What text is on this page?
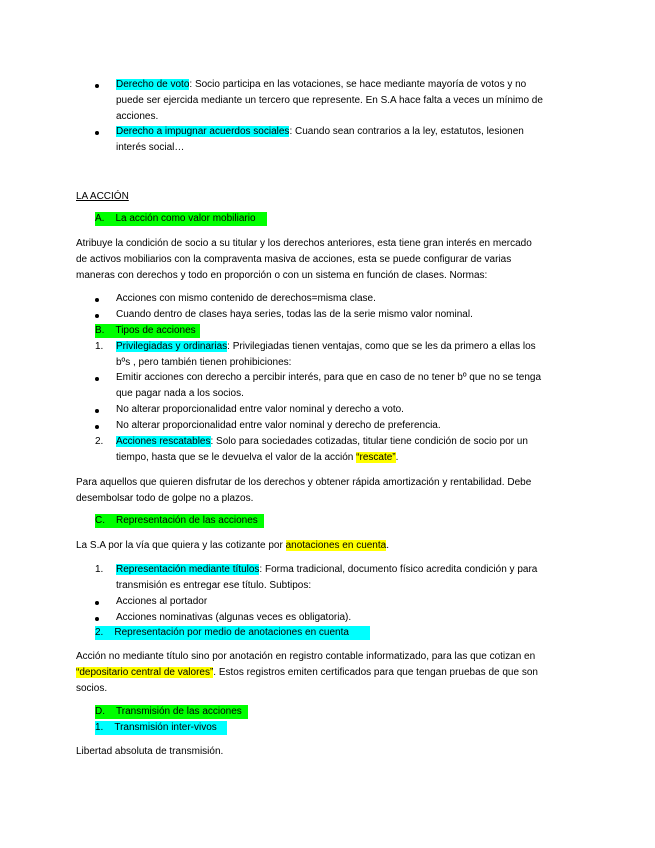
Derecho de voto: Socio participa en las votaciones, se hace mediante mayoría de votos y no
puede ser ejercida mediante un tercero que represente. En S.A hace falta a veces un mínimo de
acciones.
Derecho a impugnar acuerdos sociales: Cuando sean contrarios a la ley, estatutos, lesionen
interés social…
LA ACCIÓN
A. La acción como valor mobiliario
Atribuye la condición de socio a su titular y los derechos anteriores, esta tiene gran interés en mercado
de activos mobiliarios con la compraventa masiva de acciones, esta se puede configurar de varias
maneras con derechos y todo en proporción o con un sistema en función de clases. Normas:
Acciones con mismo contenido de derechos=misma clase.
Cuando dentro de clases haya series, todas las de la serie mismo valor nominal.
B. Tipos de acciones
1. Privilegiadas y ordinarias: Privilegiadas tienen ventajas, como que se les da primero a ellas los
bºs , pero también tienen prohibiciones:
Emitir acciones con derecho a percibir interés, para que en caso de no tener bº que no se tenga
que pagar nada a los socios.
No alterar proporcionalidad entre valor nominal y derecho a voto.
No alterar proporcionalidad entre valor nominal y derecho de preferencia.
2. Acciones rescatables: Solo para sociedades cotizadas, titular tiene condición de socio por un
tiempo, hasta que se le devuelva el valor de la acción “rescate”.
Para aquellos que quieren disfrutar de los derechos y obtener rápida amortización y rentabilidad. Debe
desembolsar todo de golpe no a plazos.
C. Representación de las acciones
La S.A por la vía que quiera y las cotizante por anotaciones en cuenta.
1. Representación mediante títulos: Forma tradicional, documento físico acredita condición y para
transmisión es entregar ese título. Subtipos:
Acciones al portador
Acciones nominativas (algunas veces es obligatoria).
2. Representación por medio de anotaciones en cuenta
Acción no mediante título sino por anotación en registro contable informatizado, para las que cotizan en
“depositario central de valores”. Estos registros emiten certificados para que tengan pruebas de que son
socios.
D. Transmisión de las acciones
1. Transmisión inter-vivos
Libertad absoluta de transmisión.
